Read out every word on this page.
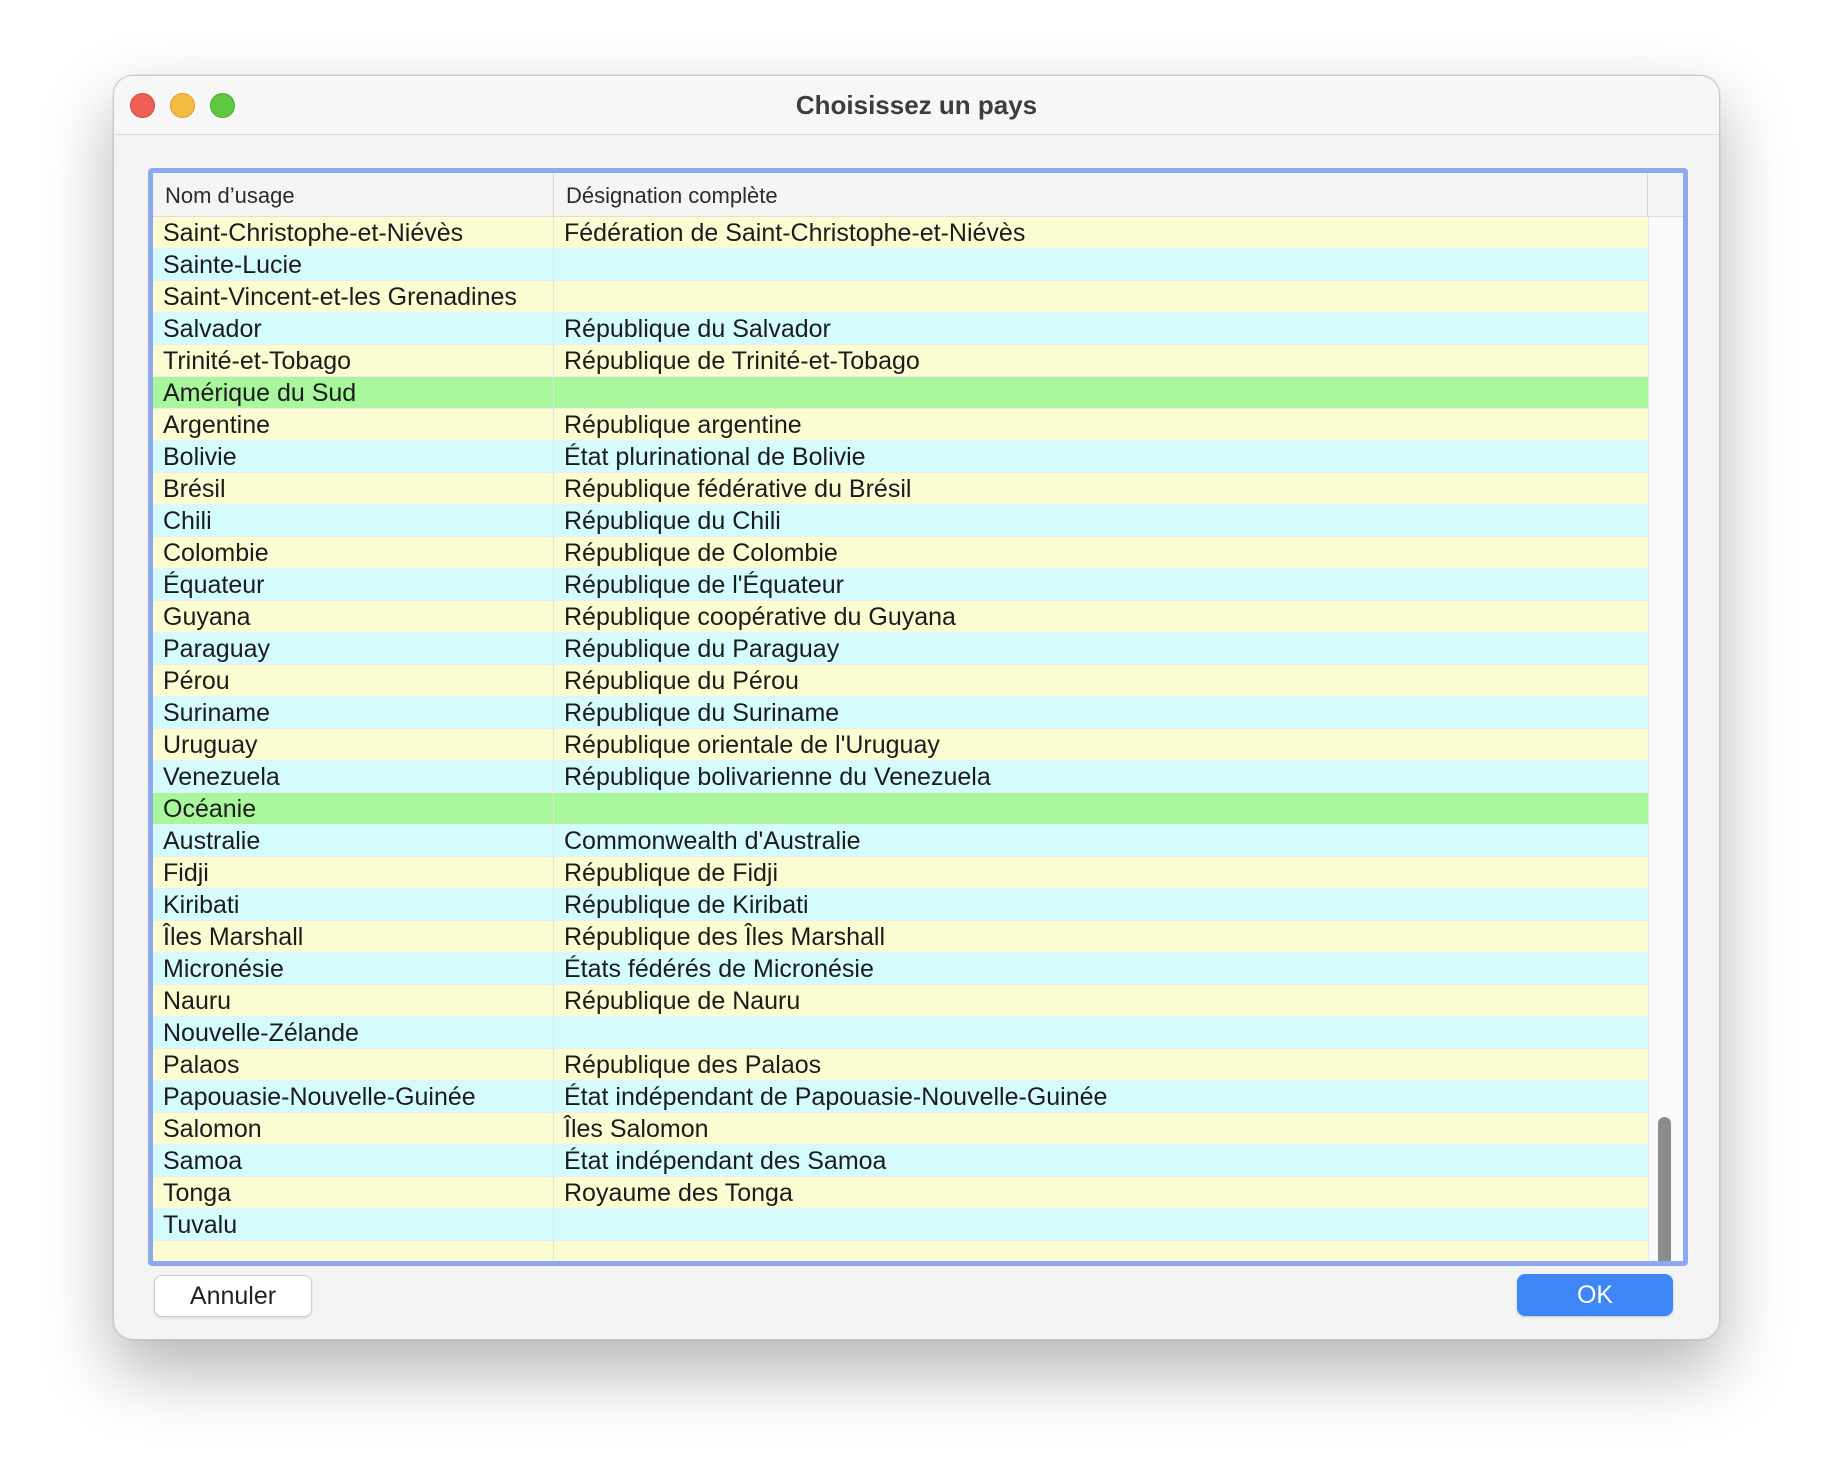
Choisissez un pays
Nom d’usage	Désignation complète
Saint-Christophe-et-Niévès	Fédération de Saint-Christophe-et-Niévès
Sainte-Lucie
Saint-Vincent-et-les Grenadines
Salvador	République du Salvador
Trinité-et-Tobago	République de Trinité-et-Tobago
Amérique du Sud
Argentine	République argentine
Bolivie	État plurinational de Bolivie
Brésil	République fédérative du Brésil
Chili	République du Chili
Colombie	République de Colombie
Équateur	République de l'Équateur
Guyana	République coopérative du Guyana
Paraguay	République du Paraguay
Pérou	République du Pérou
Suriname	République du Suriname
Uruguay	République orientale de l'Uruguay
Venezuela	République bolivarienne du Venezuela
Océanie
Australie	Commonwealth d'Australie
Fidji	République de Fidji
Kiribati	République de Kiribati
Îles Marshall	République des Îles Marshall
Micronésie	États fédérés de Micronésie
Nauru	République de Nauru
Nouvelle-Zélande
Palaos	République des Palaos
Papouasie-Nouvelle-Guinée	État indépendant de Papouasie-Nouvelle-Guinée
Salomon	Îles Salomon
Samoa	État indépendant des Samoa
Tonga	Royaume des Tonga
Tuvalu
Annuler	OK
